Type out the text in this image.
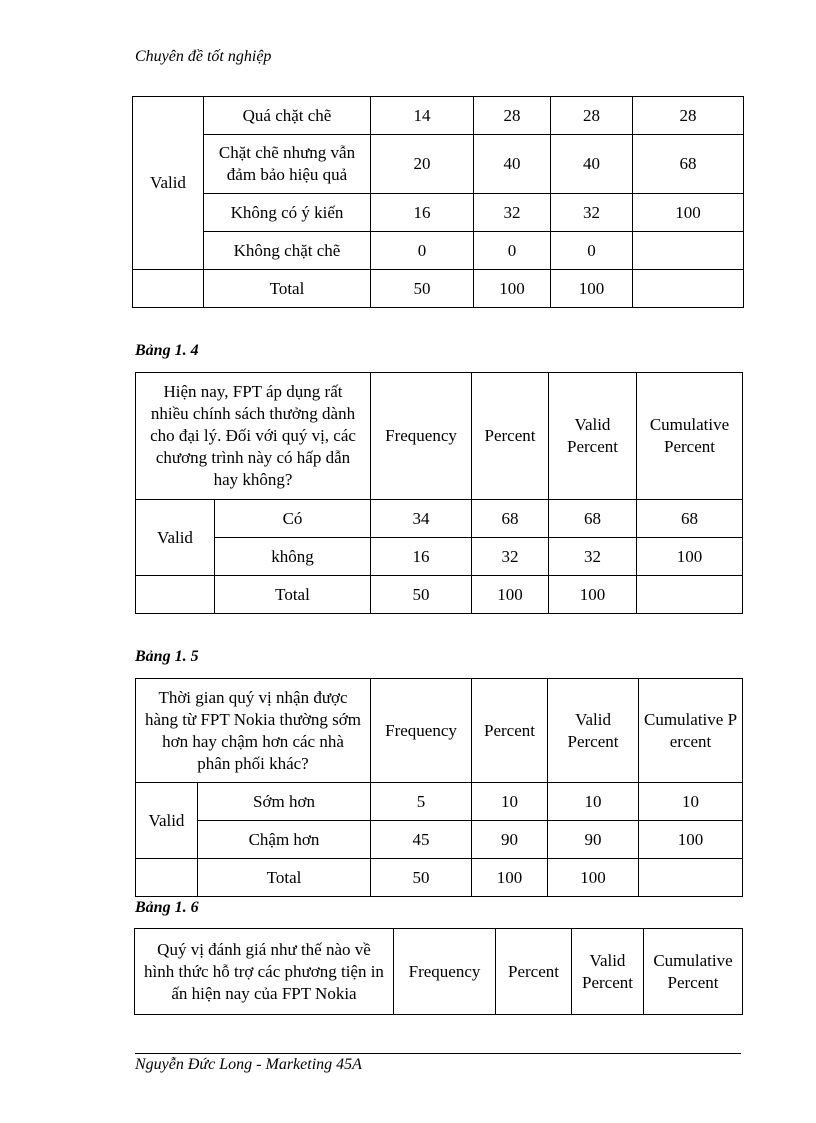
Chuyên đề tốt nghiệp
Valid	Quá chặt chẽ	14	28	28	28
	Chặt chẽ nhưng vẫn đảm bảo hiệu quả	20	40	40	68
	Không có ý kiến	16	32	32	100
	Không chặt chẽ	0	0	0	
	Total	50	100	100	
Bảng 1. 4
Hiện nay, FPT áp dụng rất nhiều chính sách thưởng dành cho đại lý. Đối với quý vị, các chương trình này có hấp dẫn hay không?		Frequency	Percent	Valid Percent	Cumulative Percent
Valid	Có	34	68	68	68
	không	16	32	32	100
	Total	50	100	100	
Bảng 1. 5
Thời gian quý vị nhận được hàng từ FPT Nokia thường sớm hơn hay chậm hơn các nhà phân phối khác?		Frequency	Percent	Valid Percent	Cumulative Percent
Valid	Sớm hơn	5	10	10	10
	Chậm hơn	45	90	90	100
	Total	50	100	100	
Bảng 1. 6
Quý vị đánh giá như thế nào về hình thức hỗ trợ các phương tiện in ấn hiện nay của FPT Nokia	Frequency	Percent	Valid Percent	Cumulative Percent
Nguyễn Đức Long - Marketing 45A
